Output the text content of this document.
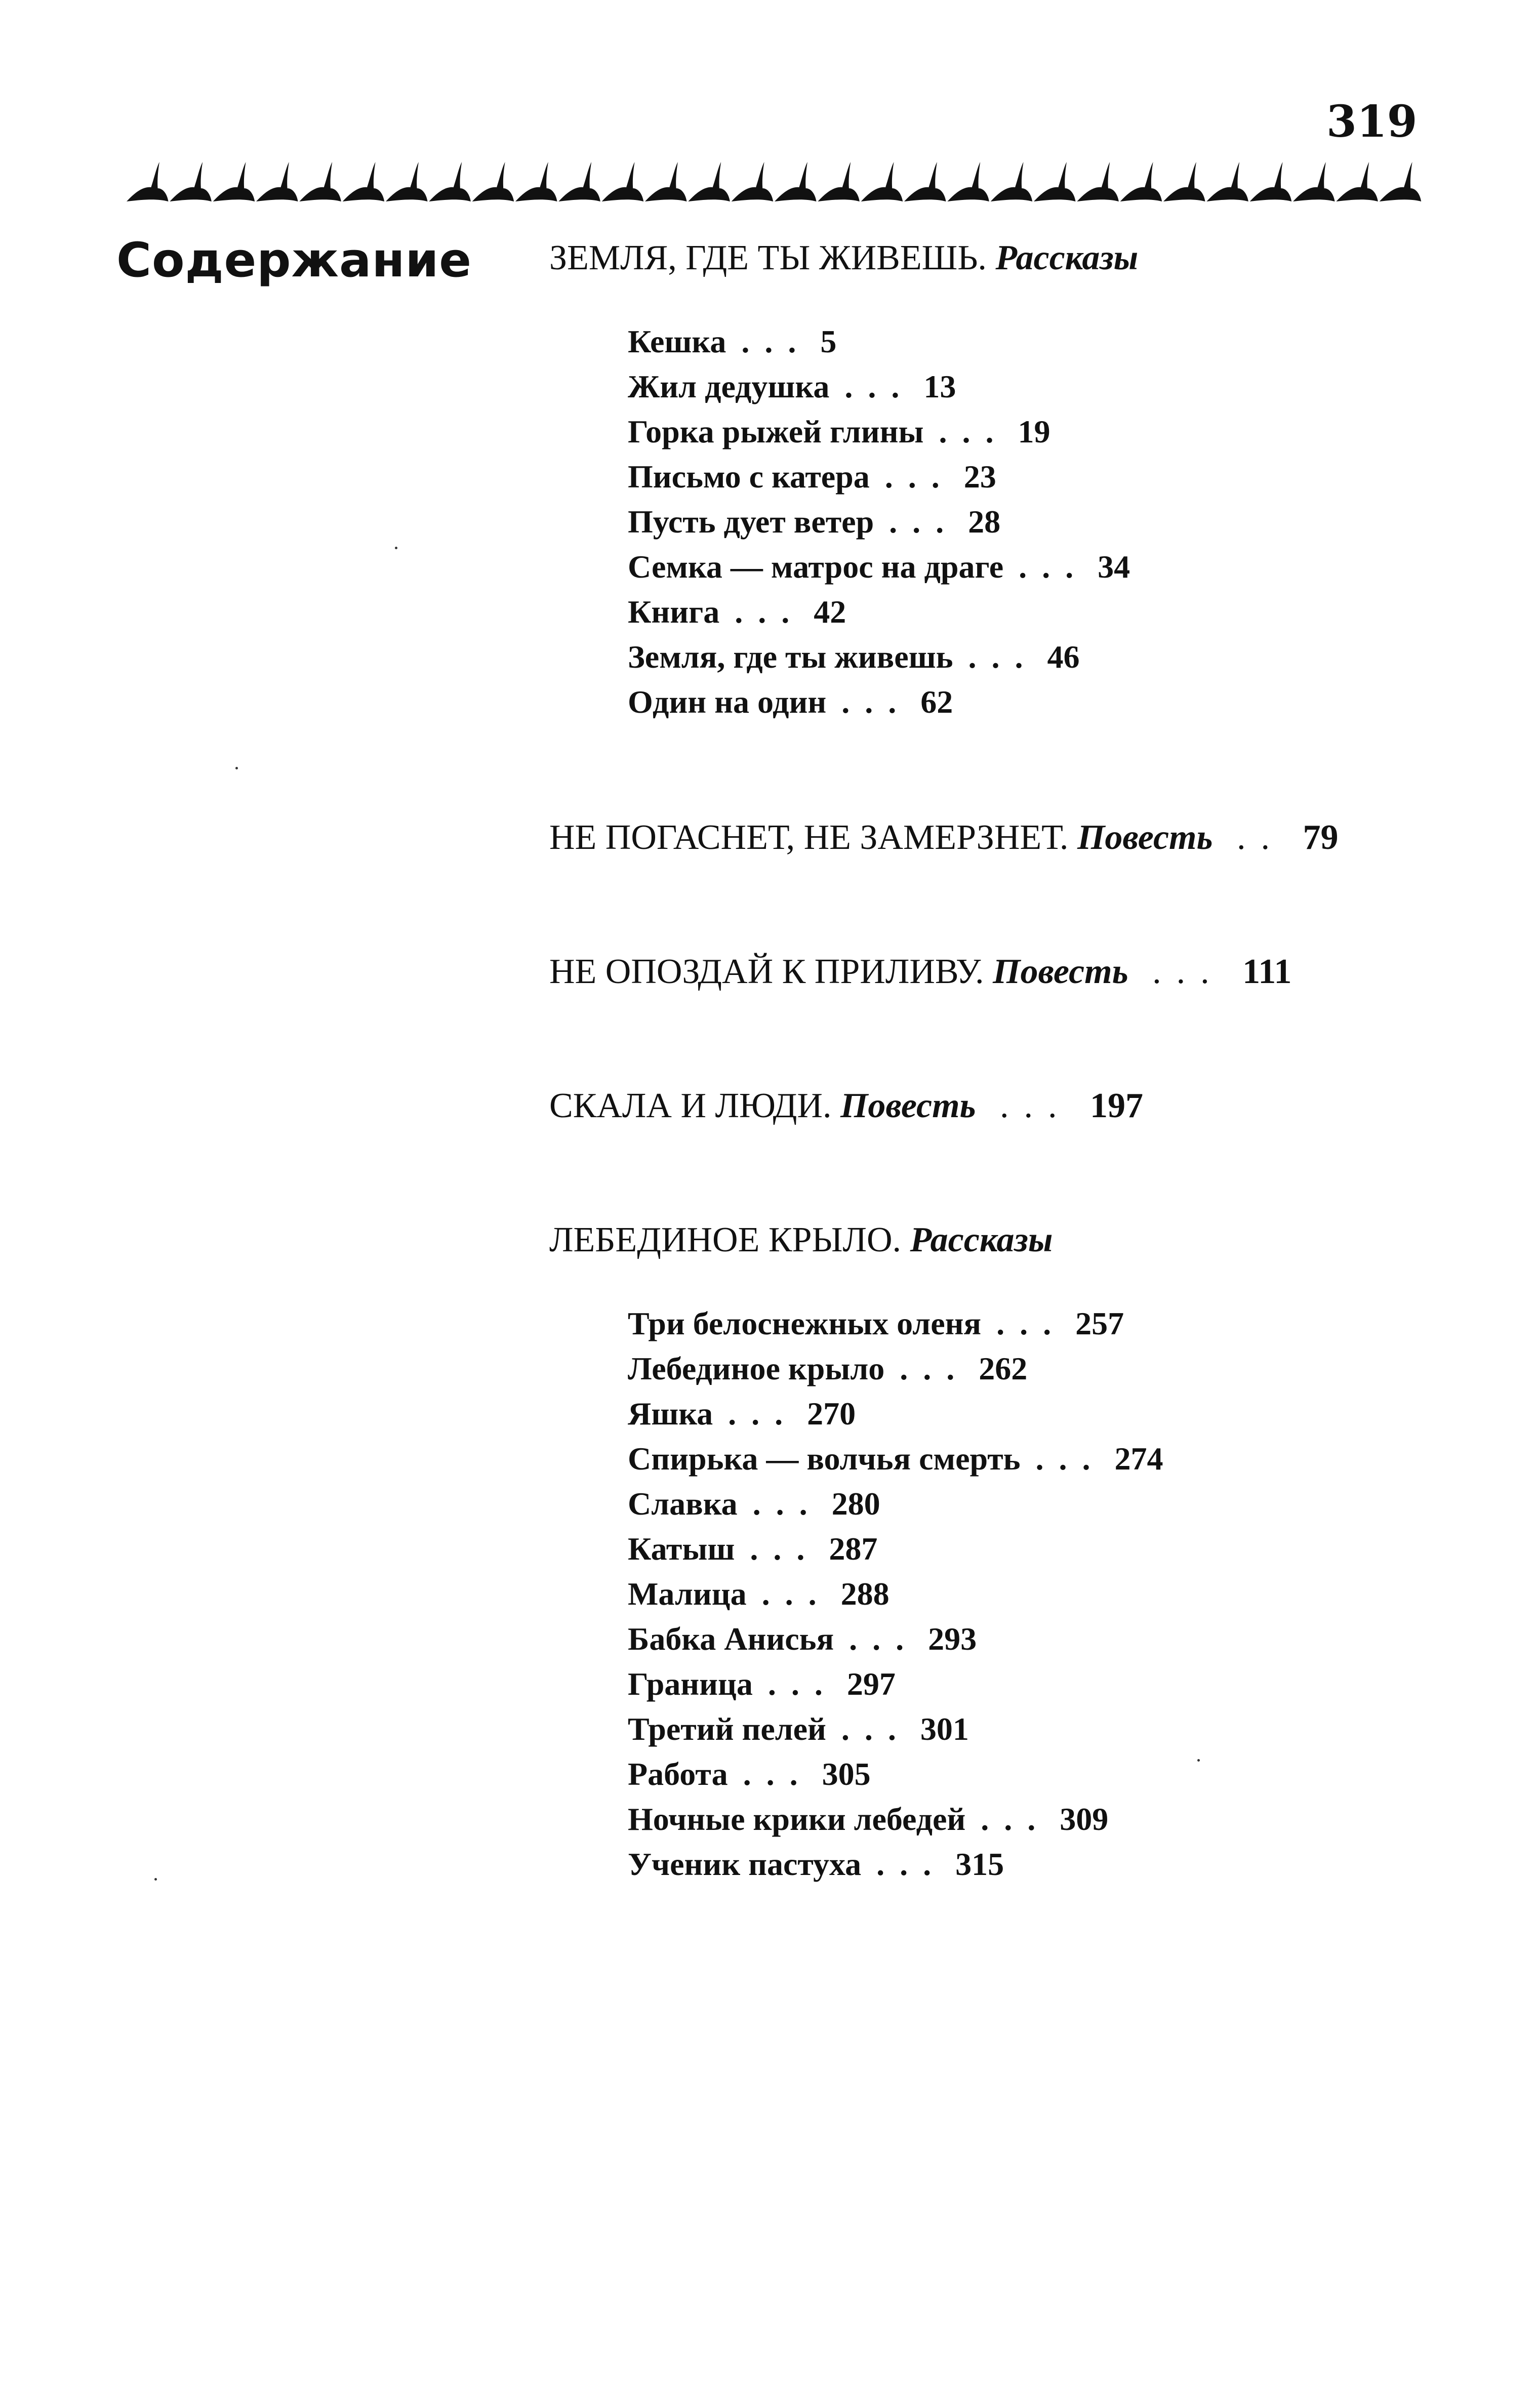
319
Содержание ЗЕМЛЯ, ГДЕ ТЫ ЖИВЕШЬ. Рассказы
Кешка ... 5
Жил дедушка ... 13
Горка рыжей глины ... 19
Письмо с катера ... 23
Пусть дует ветер ... 28
Семка — матрос на драге ... 34
Книга ... 42
Земля, где ты живешь ... 46
Один на один ... 62
НЕ ПОГАСНЕТ, НЕ ЗАМЕРЗНЕТ. Повесть .. 79
НЕ ОПОЗДАЙ К ПРИЛИВУ. Повесть ... 111
СКАЛА И ЛЮДИ. Повесть ... 197
ЛЕБЕДИНОЕ КРЫЛО. Рассказы
Три белоснежных оленя ... 257
Лебединое крыло ... 262
Яшка ... 270
Спирька — волчья смерть ... 274
Славка ... 280
Катыш ... 287
Малица ... 288
Бабка Анисья ... 293
Граница ... 297
Третий пелей ... 301
Работа ... 305
Ночные крики лебедей ... 309
Ученик пастуха ... 315
